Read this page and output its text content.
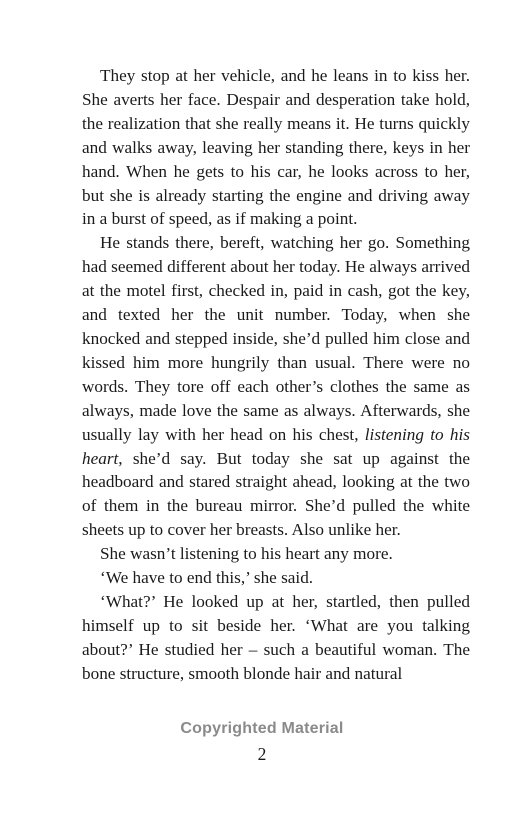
They stop at her vehicle, and he leans in to kiss her. She averts her face. Despair and desperation take hold, the realization that she really means it. He turns quickly and walks away, leaving her standing there, keys in her hand. When he gets to his car, he looks across to her, but she is already starting the engine and driving away in a burst of speed, as if making a point.

He stands there, bereft, watching her go. Something had seemed different about her today. He always arrived at the motel first, checked in, paid in cash, got the key, and texted her the unit number. Today, when she knocked and stepped inside, she’d pulled him close and kissed him more hungrily than usual. There were no words. They tore off each other’s clothes the same as always, made love the same as always. Afterwards, she usually lay with her head on his chest, listening to his heart, she’d say. But today she sat up against the headboard and stared straight ahead, looking at the two of them in the bureau mirror. She’d pulled the white sheets up to cover her breasts. Also unlike her.

She wasn’t listening to his heart any more.

‘We have to end this,’ she said.

‘What?’ He looked up at her, startled, then pulled himself up to sit beside her. ‘What are you talking about?’ He studied her – such a beautiful woman. The bone structure, smooth blonde hair and natural

Copyrighted Material
2
